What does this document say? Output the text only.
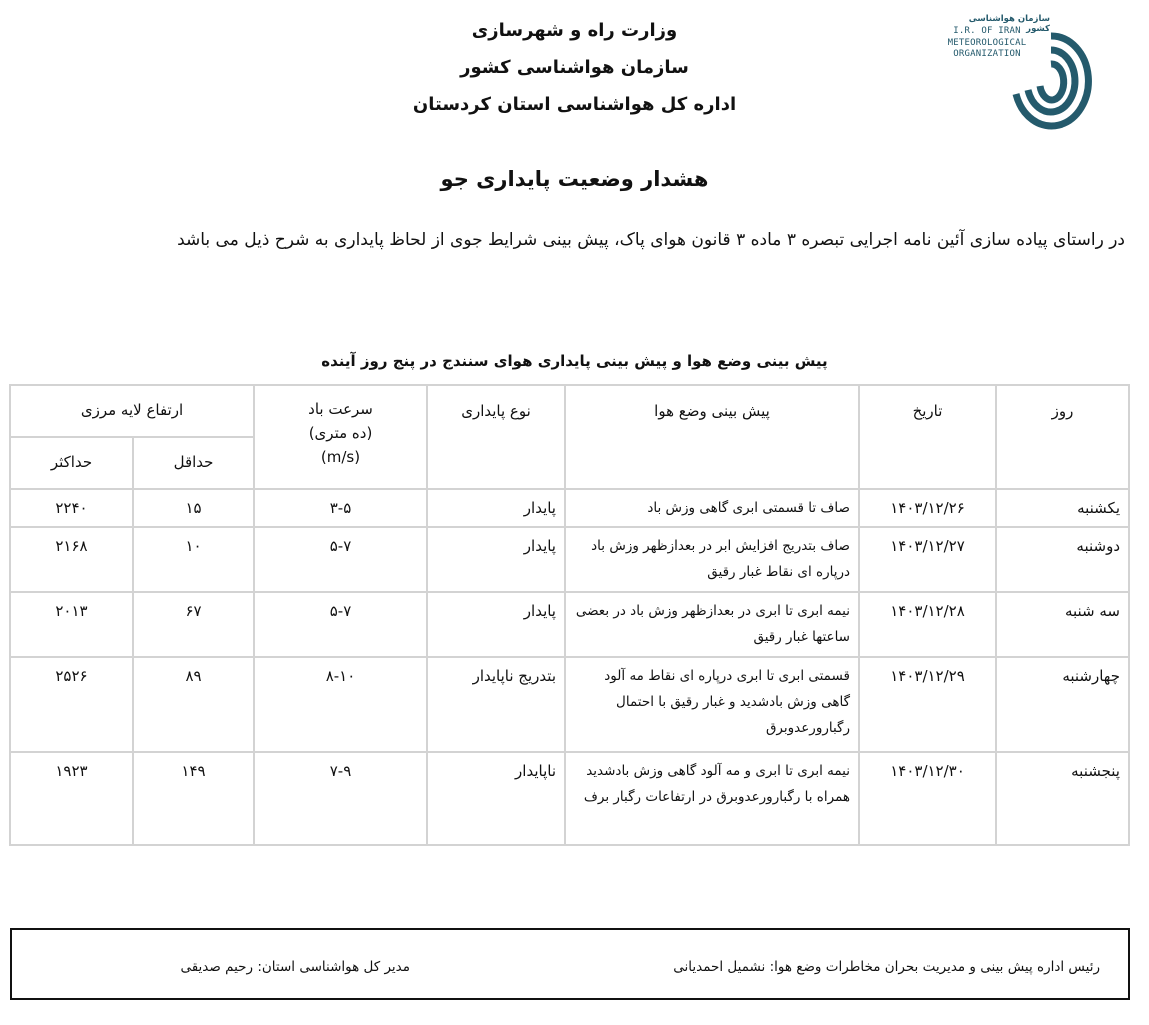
وزارت راه و شهرسازی
سازمان هواشناسی کشور
اداره کل هواشناسی استان کردستان
سازمان هواشناسی کشور
I.R. OF IRAN
METEOROLOGICAL
ORGANIZATION
هشدار وضعیت پایداری جو
در راستای پیاده سازی آئین نامه اجرایی تبصره ۳ ماده ۳ قانون هوای پاک، پیش بینی شرایط جوی از لحاظ پایداری به شرح ذیل می باشد
پیش بینی وضع هوا و پیش بینی پایداری هوای سنندج در پنج روز آینده
روز	تاریخ	پیش بینی وضع هوا	نوع پایداری	سرعت باد
(ده متری)
(m/s)	ارتفاع لایه مرزی	
					حداقل	حداکثر
یکشنبه	۱۴۰۳/۱۲/۲۶	صاف تا قسمتی ابری گاهی وزش باد	پایدار	۳-۵	۱۵	۲۲۴۰
دوشنبه	۱۴۰۳/۱۲/۲۷	صاف بتدریج افزایش ابر در بعدازظهر وزش باد درپاره ای نقاط غبار رقیق	پایدار	۵-۷	۱۰	۲۱۶۸
سه شنبه	۱۴۰۳/۱۲/۲۸	نیمه ابری تا ابری در بعدازظهر وزش باد در بعضی ساعتها غبار رقیق	پایدار	۵-۷	۶۷	۲۰۱۳
چهارشنبه	۱۴۰۳/۱۲/۲۹	قسمتی ابری تا ابری درپاره ای نقاط مه آلود گاهی وزش بادشدید و غبار رقیق با احتمال رگبارورعدوبرق	بتدریج ناپایدار	۸-۱۰	۸۹	۲۵۲۶
پنجشنبه	۱۴۰۳/۱۲/۳۰	نیمه ابری تا ابری و مه آلود گاهی وزش بادشدید همراه با رگبارورعدوبرق در ارتفاعات رگبار برف	ناپایدار	۷-۹	۱۴۹	۱۹۲۳
رئیس اداره پیش بینی و مدیریت بحران مخاطرات وضع هوا: نشمیل احمدیانی
مدیر کل هواشناسی استان: رحیم صدیقی
